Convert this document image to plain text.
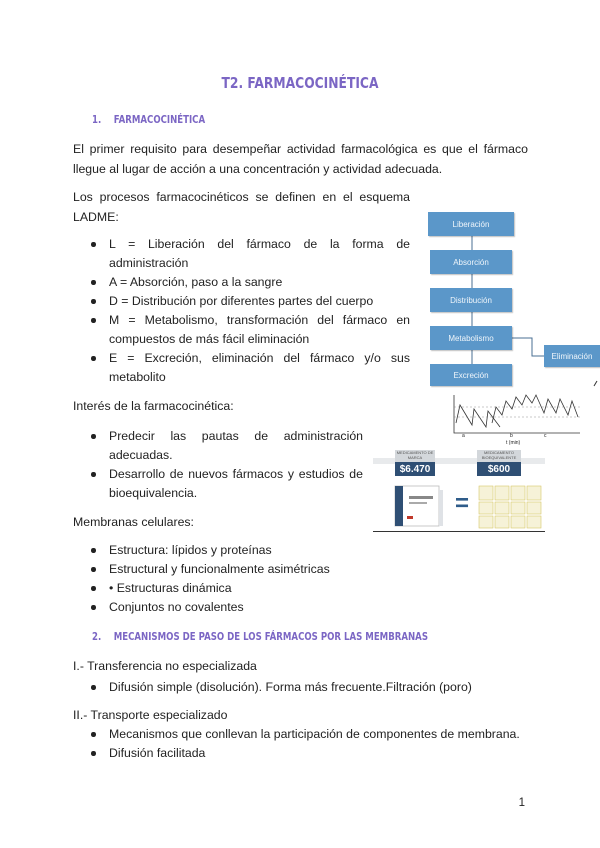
T2. FARMACOCINÉTICA
1. FARMACOCINÉTICA
El primer requisito para desempeñar actividad farmacológica es que el fármaco llegue al lugar de acción a una concentración y actividad adecuada.
Los procesos farmacocinéticos se definen en el esquema LADME:
L = Liberación del fármaco de la forma de administración
A = Absorción, paso a la sangre
D = Distribución por diferentes partes del cuerpo
M = Metabolismo, transformación del fármaco en compuestos de más fácil eliminación
E = Excreción, eliminación del fármaco y/o sus metabolito
Interés de la farmacocinética:
Predecir las pautas de administración adecuadas.
Desarrollo de nuevos fármacos y estudios de bioequivalencia.
Membranas celulares:
Estructura: lípidos y proteínas
Estructural y funcionalmente asimétricas
• Estructuras dinámica
Conjuntos no covalentes
2. MECANISMOS DE PASO DE LOS FÁRMACOS POR LAS MEMBRANAS
I.- Transferencia no especializada
Difusión simple (disolución). Forma más frecuente.Filtración (poro)
II.- Transporte especializado
Mecanismos que conllevan la participación de componentes de membrana.
Difusión facilitada
Liberación
Absorción
Distribución
Metabolismo
Excreción
Eliminación
a	b	c
t (min)
MEDICAMENTO DE MARCA
$6.470
MEDICAMENTO BIOEQUIVALENTE
$600
=
1
